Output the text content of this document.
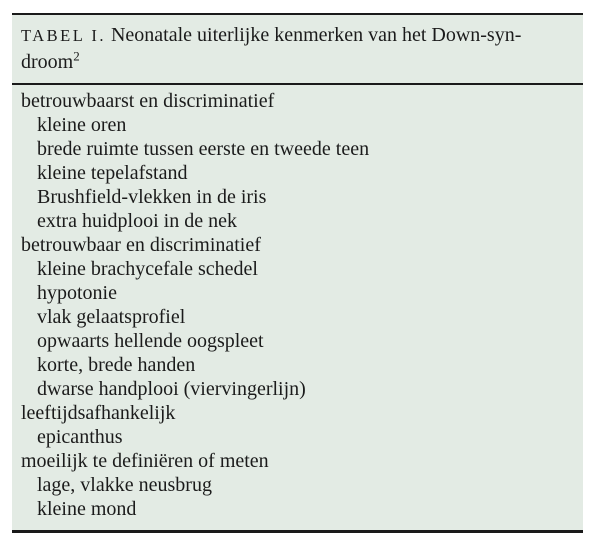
TABEL I. Neonatale uiterlijke kenmerken van het Down-syn-
droom$^2$
betrouwbaarst en discriminatief
kleine oren
brede ruimte tussen eerste en tweede teen
kleine tepelafstand
Brushfield-vlekken in de iris
extra huidplooi in de nek
betrouwbaar en discriminatief
kleine brachycefale schedel
hypotonie
vlak gelaatsprofiel
opwaarts hellende oogspleet
korte, brede handen
dwarse handplooi (viervingerlijn)
leeftijdsafhankelijk
epicanthus
moeilijk te definiëren of meten
lage, vlakke neusbrug
kleine mond
